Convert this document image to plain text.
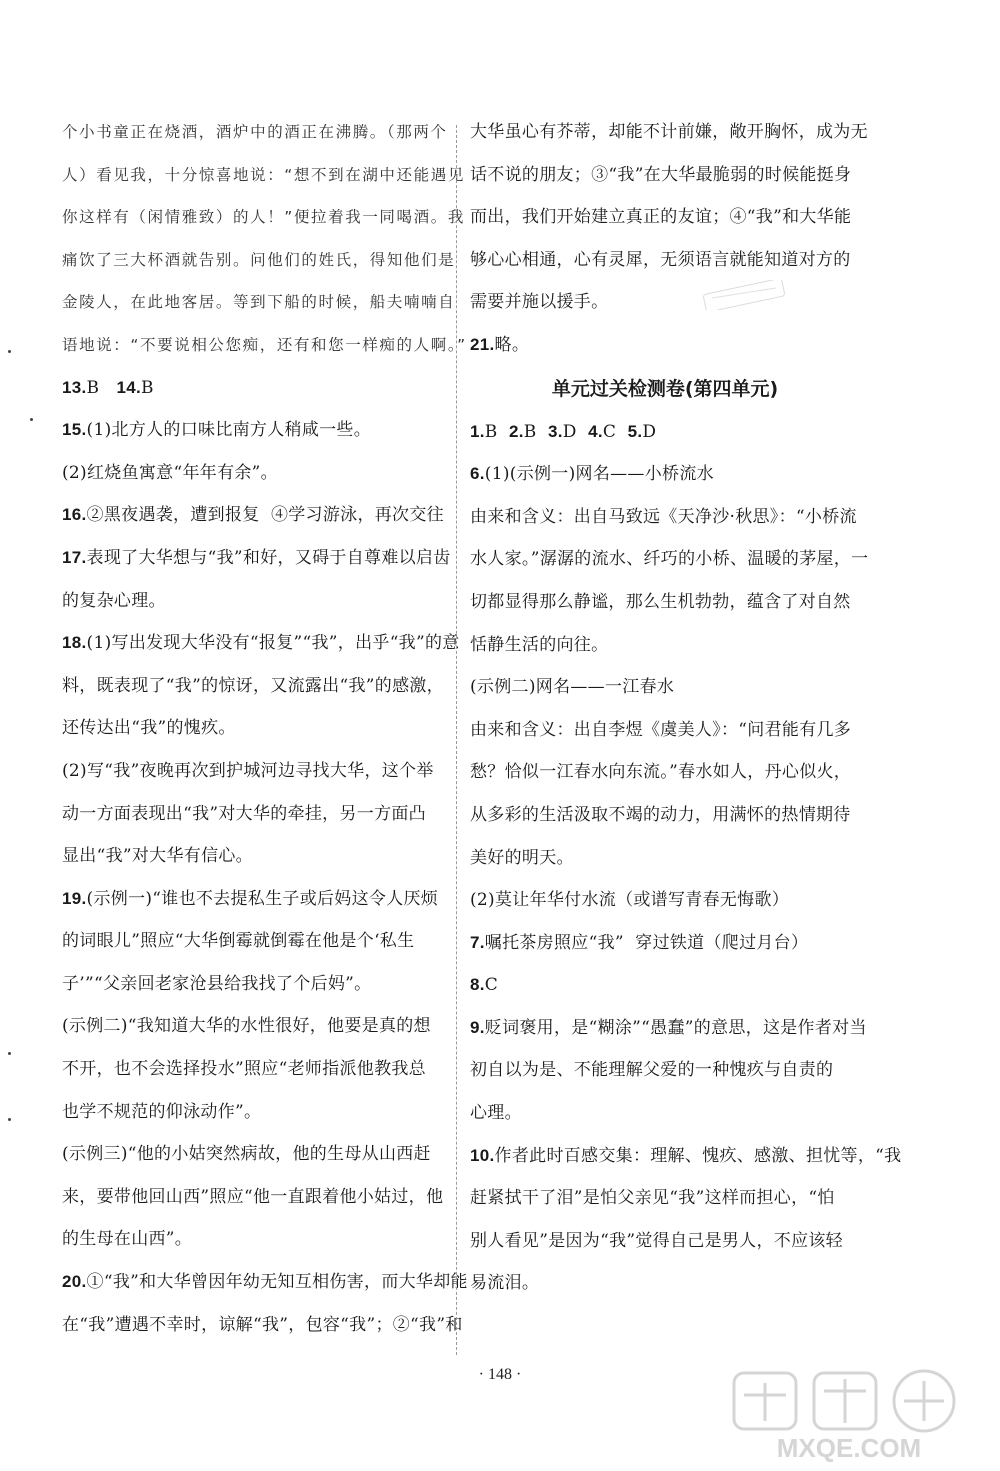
个小书童正在烧酒，酒炉中的酒正在沸腾。（那两个
人）看见我，十分惊喜地说：“想不到在湖中还能遇见
你这样有（闲情雅致）的人！”便拉着我一同喝酒。我
痛饮了三大杯酒就告别。问他们的姓氏，得知他们是
金陵人，在此地客居。等到下船的时候，船夫喃喃自
语地说：“不要说相公您痴，还有和您一样痴的人啊。”
13.B   14.B
15.(1)北方人的口味比南方人稍咸一些。
(2)红烧鱼寓意“年年有余”。
16.②黑夜遇袭，遭到报复  ④学习游泳，再次交往
17.表现了大华想与“我”和好，又碍于自尊难以启齿
的复杂心理。
18.(1)写出发现大华没有“报复”“我”，出乎“我”的意
料，既表现了“我”的惊讶，又流露出“我”的感激，
还传达出“我”的愧疚。
(2)写“我”夜晚再次到护城河边寻找大华，这个举
动一方面表现出“我”对大华的牵挂，另一方面凸
显出“我”对大华有信心。
19.(示例一)“谁也不去提私生子或后妈这令人厌烦
的词眼儿”照应“大华倒霉就倒霉在他是个‘私生
子’”“父亲回老家沧县给我找了个后妈”。
(示例二)“我知道大华的水性很好，他要是真的想
不开，也不会选择投水”照应“老师指派他教我总
也学不规范的仰泳动作”。
(示例三)“他的小姑突然病故，他的生母从山西赶
来，要带他回山西”照应“他一直跟着他小姑过，他
的生母在山西”。
20.①“我”和大华曾因年幼无知互相伤害，而大华却能
在“我”遭遇不幸时，谅解“我”，包容“我”；②“我”和
大华虽心有芥蒂，却能不计前嫌，敞开胸怀，成为无
话不说的朋友；③“我”在大华最脆弱的时候能挺身
而出，我们开始建立真正的友谊；④“我”和大华能
够心心相通，心有灵犀，无须语言就能知道对方的
需要并施以援手。
21.略。
单元过关检测卷(第四单元)
1.B  2.B  3.D  4.C  5.D
6.(1)(示例一)网名——小桥流水
由来和含义：出自马致远《天净沙·秋思》：“小桥流
水人家。”潺潺的流水、纤巧的小桥、温暖的茅屋，一
切都显得那么静谧，那么生机勃勃，蕴含了对自然
恬静生活的向往。
(示例二)网名——一江春水
由来和含义：出自李煜《虞美人》：“问君能有几多
愁？恰似一江春水向东流。”春水如人，丹心似火，
从多彩的生活汲取不竭的动力，用满怀的热情期待
美好的明天。
(2)莫让年华付水流（或谱写青春无悔歌）
7.嘱托茶房照应“我”  穿过铁道（爬过月台）
8.C
9.贬词褒用，是“糊涂”“愚蠢”的意思，这是作者对当
初自以为是、不能理解父爱的一种愧疚与自责的
心理。
10.作者此时百感交集：理解、愧疚、感激、担忧等，“我
赶紧拭干了泪”是怕父亲见“我”这样而担心，“怕
别人看见”是因为“我”觉得自己是男人，不应该轻
易流泪。
· 148 ·
MXQE.COM
